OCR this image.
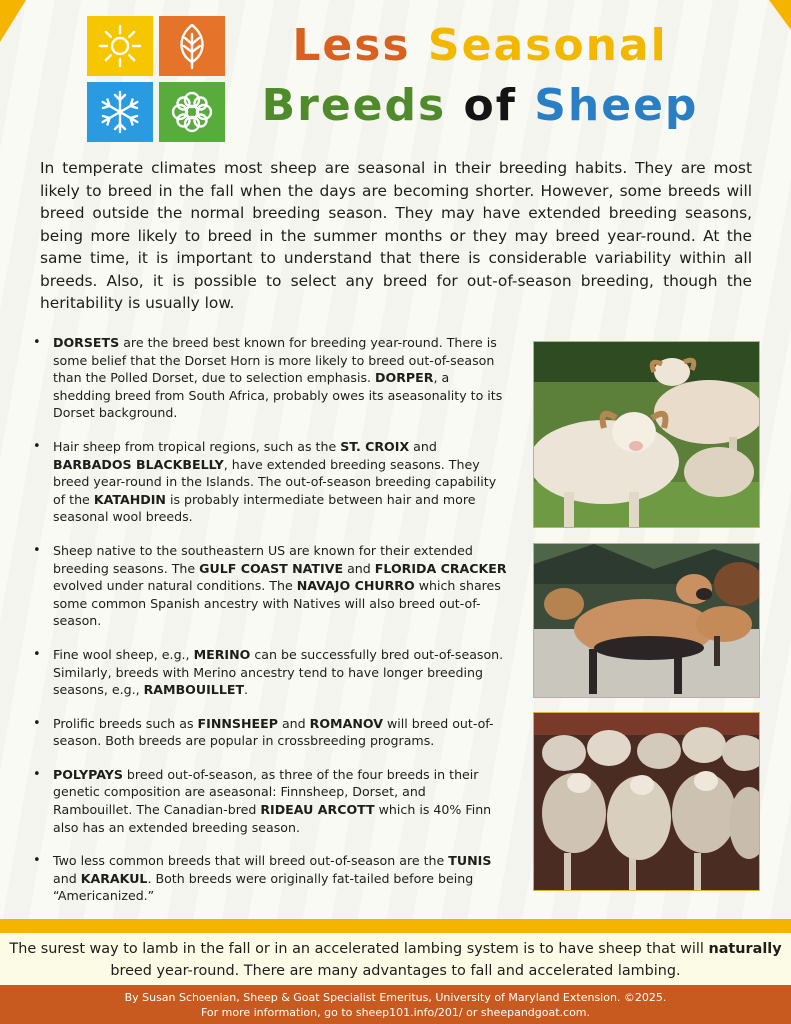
Less Seasonal
Breeds of Sheep

In temperate climates most sheep are seasonal in their breeding habits. They are most likely to breed in the fall when the days are becoming shorter. However, some breeds will breed outside the normal breeding season. They may have extended breeding seasons, being more likely to breed in the summer months or they may breed year-round. At the same time, it is important to understand that there is considerable variability within all breeds. Also, it is possible to select any breed for out-of-season breeding, though the heritability is usually low.

• DORSETS are the breed best known for breeding year-round. There is some belief that the Dorset Horn is more likely to breed out-of-season than the Polled Dorset, due to selection emphasis. DORPER, a shedding breed from South Africa, probably owes its aseasonality to its Dorset background.
• Hair sheep from tropical regions, such as the ST. CROIX and BARBADOS BLACKBELLY, have extended breeding seasons. They breed year-round in the Islands. The out-of-season breeding capability of the KATAHDIN is probably intermediate between hair and more seasonal wool breeds.
• Sheep native to the southeastern US are known for their extended breeding seasons. The GULF COAST NATIVE and FLORIDA CRACKER evolved under natural conditions. The NAVAJO CHURRO which shares some common Spanish ancestry with Natives will also breed out-of-season.
• Fine wool sheep, e.g., MERINO can be successfully bred out-of-season. Similarly, breeds with Merino ancestry tend to have longer breeding seasons, e.g., RAMBOUILLET.
• Prolific breeds such as FINNSHEEP and ROMANOV will breed out-of-season. Both breeds are popular in crossbreeding programs.
• POLYPAYS breed out-of-season, as three of the four breeds in their genetic composition are aseasonal: Finnsheep, Dorset, and Rambouillet. The Canadian-bred RIDEAU ARCOTT which is 40% Finn also has an extended breeding season.
• Two less common breeds that will breed out-of-season are the TUNIS and KARAKUL. Both breeds were originally fat-tailed before being “Americanized.”
The surest way to lamb in the fall or in an accelerated lambing system is to have sheep that will naturally breed year-round. There are many advantages to fall and accelerated lambing.
By Susan Schoenian, Sheep & Goat Specialist Emeritus, University of Maryland Extension. ©2025.
For more information, go to sheep101.info/201/ or sheepandgoat.com.
